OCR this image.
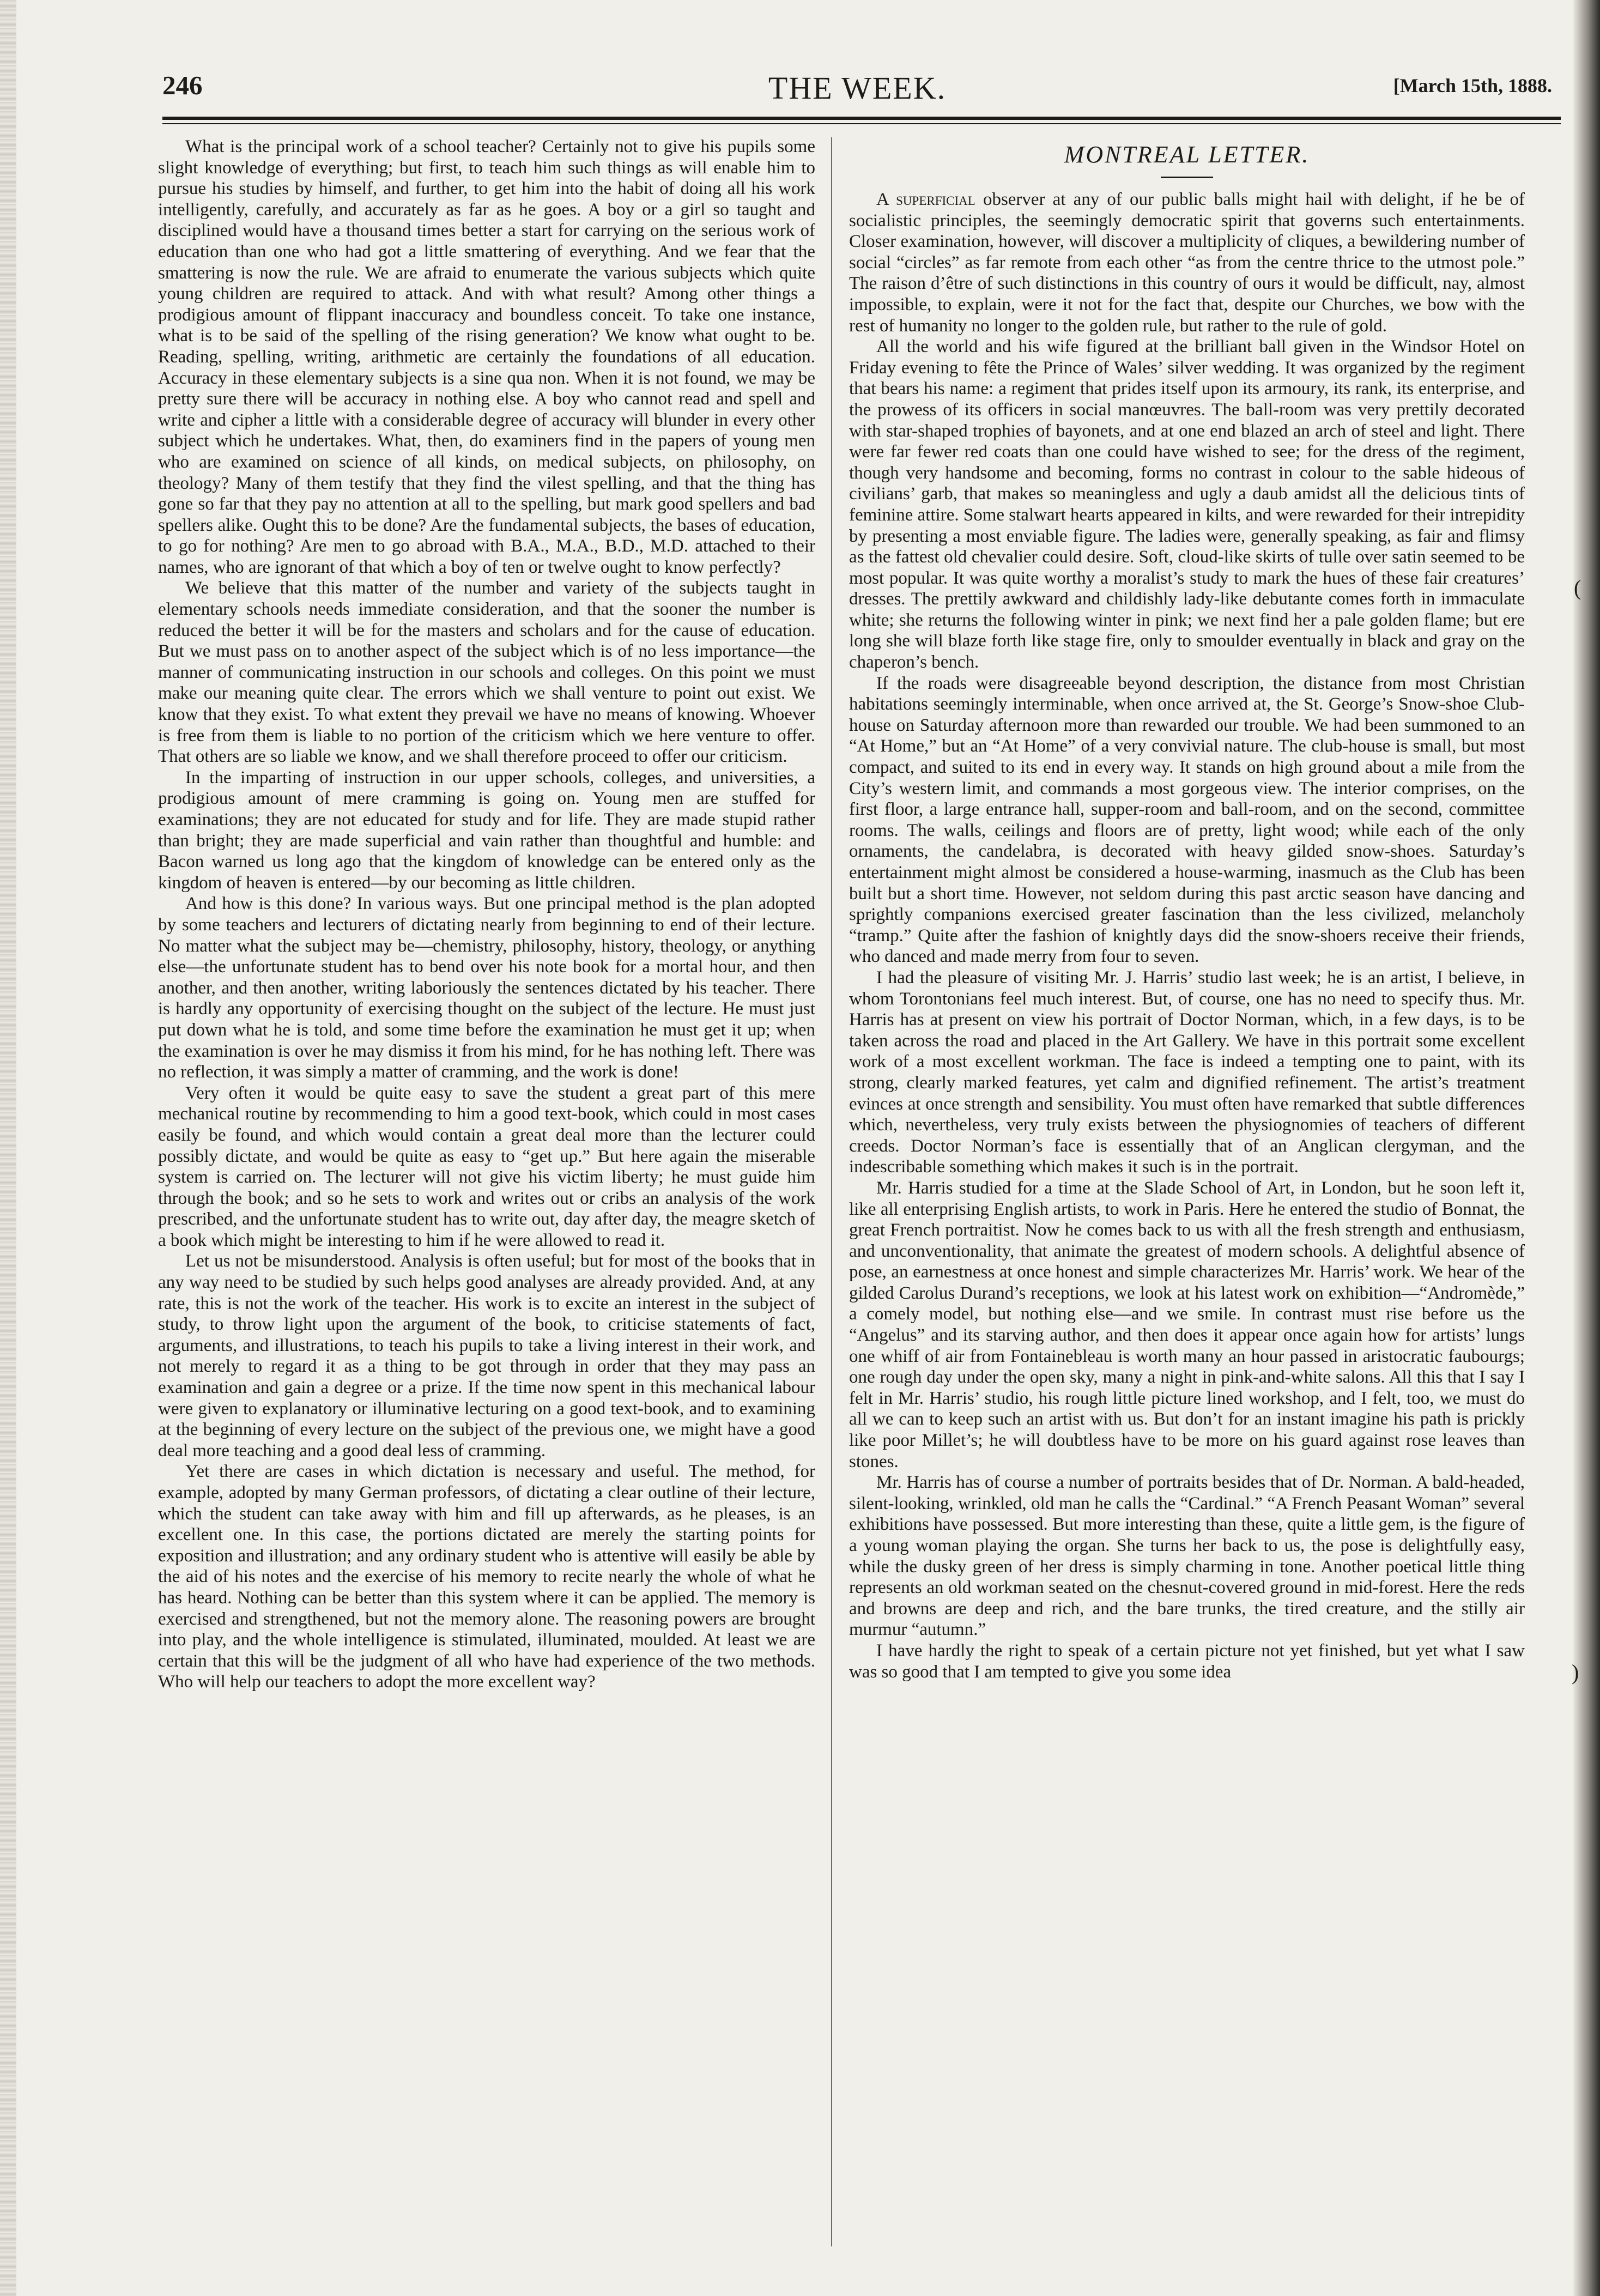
THE WEEK.
246	[March 15th, 1888.

What is the principal work of a school teacher? Certainly not to give his pupils some slight knowledge of everything; but first, to teach him such things as will enable him to pursue his studies by himself, and further, to get him into the habit of doing all his work intelligently, carefully, and accurately as far as he goes. A boy or a girl so taught and disciplined would have a thousand times better a start for carrying on the serious work of education than one who had got a little smattering of everything. And we fear that the smattering is now the rule. We are afraid to enumerate the various subjects which quite young children are required to attack. And with what result? Among other things a prodigious amount of flippant inaccuracy and boundless conceit. To take one instance, what is to be said of the spelling of the rising generation? We know what ought to be. Reading, spelling, writing, arithmetic are certainly the foundations of all education. Accuracy in these elementary subjects is a sine qua non. When it is not found, we may be pretty sure there will be accuracy in nothing else. A boy who cannot read and spell and write and cipher a little with a considerable degree of accuracy will blunder in every other subject which he undertakes. What, then, do examiners find in the papers of young men who are examined on science of all kinds, on medical subjects, on philosophy, on theology? Many of them testify that they find the vilest spelling, and that the thing has gone so far that they pay no attention at all to the spelling, but mark good spellers and bad spellers alike. Ought this to be done? Are the fundamental subjects, the bases of education, to go for nothing? Are men to go abroad with B.A., M.A., B.D., M.D. attached to their names, who are ignorant of that which a boy of ten or twelve ought to know perfectly?

We believe that this matter of the number and variety of the subjects taught in elementary schools needs immediate consideration, and that the sooner the number is reduced the better it will be for the masters and scholars and for the cause of education. But we must pass on to another aspect of the subject which is of no less importance—the manner of communicating instruction in our schools and colleges. On this point we must make our meaning quite clear. The errors which we shall venture to point out exist. We know that they exist. To what extent they prevail we have no means of knowing. Whoever is free from them is liable to no portion of the criticism which we here venture to offer. That others are so liable we know, and we shall therefore proceed to offer our criticism.

In the imparting of instruction in our upper schools, colleges, and universities, a prodigious amount of mere cramming is going on. Young men are stuffed for examinations; they are not educated for study and for life. They are made stupid rather than bright; they are made superficial and vain rather than thoughtful and humble: and Bacon warned us long ago that the kingdom of knowledge can be entered only as the kingdom of heaven is entered—by our becoming as little children.

And how is this done? In various ways. But one principal method is the plan adopted by some teachers and lecturers of dictating nearly from beginning to end of their lecture. No matter what the subject may be—chemistry, philosophy, history, theology, or anything else—the unfortunate student has to bend over his note book for a mortal hour, and then another, and then another, writing laboriously the sentences dictated by his teacher. There is hardly any opportunity of exercising thought on the subject of the lecture. He must just put down what he is told, and some time before the examination he must get it up; when the examination is over he may dismiss it from his mind, for he has nothing left. There was no reflection, it was simply a matter of cramming, and the work is done!

Very often it would be quite easy to save the student a great part of this mere mechanical routine by recommending to him a good text-book, which could in most cases easily be found, and which would contain a great deal more than the lecturer could possibly dictate, and would be quite as easy to “get up.” But here again the miserable system is carried on. The lecturer will not give his victim liberty; he must guide him through the book; and so he sets to work and writes out or cribs an analysis of the work prescribed, and the unfortunate student has to write out, day after day, the meagre sketch of a book which might be interesting to him if he were allowed to read it.

Let us not be misunderstood. Analysis is often useful; but for most of the books that in any way need to be studied by such helps good analyses are already provided. And, at any rate, this is not the work of the teacher. His work is to excite an interest in the subject of study, to throw light upon the argument of the book, to criticise statements of fact, arguments, and illustrations, to teach his pupils to take a living interest in their work, and not merely to regard it as a thing to be got through in order that they may pass an examination and gain a degree or a prize. If the time now spent in this mechanical labour were given to explanatory or illuminative lecturing on a good text-book, and to examining at the beginning of every lecture on the subject of the previous one, we might have a good deal more teaching and a good deal less of cramming.

Yet there are cases in which dictation is necessary and useful. The method, for example, adopted by many German professors, of dictating a clear outline of their lecture, which the student can take away with him and fill up afterwards, as he pleases, is an excellent one. In this case, the portions dictated are merely the starting points for exposition and illustration; and any ordinary student who is attentive will easily be able by the aid of his notes and the exercise of his memory to recite nearly the whole of what he has heard. Nothing can be better than this system where it can be applied. The memory is exercised and strengthened, but not the memory alone. The reasoning powers are brought into play, and the whole intelligence is stimulated, illuminated, moulded. At least we are certain that this will be the judgment of all who have had experience of the two methods. Who will help our teachers to adopt the more excellent way?

MONTREAL LETTER.

A superficial observer at any of our public balls might hail with delight, if he be of socialistic principles, the seemingly democratic spirit that governs such entertainments. Closer examination, however, will discover a multiplicity of cliques, a bewildering number of social “circles” as far remote from each other “as from the centre thrice to the utmost pole.” The raison d’être of such distinctions in this country of ours it would be difficult, nay, almost impossible, to explain, were it not for the fact that, despite our Churches, we bow with the rest of humanity no longer to the golden rule, but rather to the rule of gold.

All the world and his wife figured at the brilliant ball given in the Windsor Hotel on Friday evening to fête the Prince of Wales’ silver wedding. It was organized by the regiment that bears his name: a regiment that prides itself upon its armoury, its rank, its enterprise, and the prowess of its officers in social manœuvres. The ball-room was very prettily decorated with star-shaped trophies of bayonets, and at one end blazed an arch of steel and light. There were far fewer red coats than one could have wished to see; for the dress of the regiment, though very handsome and becoming, forms no contrast in colour to the sable hideous of civilians’ garb, that makes so meaningless and ugly a daub amidst all the delicious tints of feminine attire. Some stalwart hearts appeared in kilts, and were rewarded for their intrepidity by presenting a most enviable figure. The ladies were, generally speaking, as fair and flimsy as the fattest old chevalier could desire. Soft, cloud-like skirts of tulle over satin seemed to be most popular. It was quite worthy a moralist’s study to mark the hues of these fair creatures’ dresses. The prettily awkward and childishly lady-like debutante comes forth in immaculate white; she returns the following winter in pink; we next find her a pale golden flame; but ere long she will blaze forth like stage fire, only to smoulder eventually in black and gray on the chaperon’s bench.

If the roads were disagreeable beyond description, the distance from most Christian habitations seemingly interminable, when once arrived at, the St. George’s Snow-shoe Club-house on Saturday afternoon more than rewarded our trouble. We had been summoned to an “At Home,” but an “At Home” of a very convivial nature. The club-house is small, but most compact, and suited to its end in every way. It stands on high ground about a mile from the City’s western limit, and commands a most gorgeous view. The interior comprises, on the first floor, a large entrance hall, supper-room and ball-room, and on the second, committee rooms. The walls, ceilings and floors are of pretty, light wood; while each of the only ornaments, the candelabra, is decorated with heavy gilded snow-shoes. Saturday’s entertainment might almost be considered a house-warming, inasmuch as the Club has been built but a short time. However, not seldom during this past arctic season have dancing and sprightly companions exercised greater fascination than the less civilized, melancholy “tramp.” Quite after the fashion of knightly days did the snow-shoers receive their friends, who danced and made merry from four to seven.

I had the pleasure of visiting Mr. J. Harris’ studio last week; he is an artist, I believe, in whom Torontonians feel much interest. But, of course, one has no need to specify thus. Mr. Harris has at present on view his portrait of Doctor Norman, which, in a few days, is to be taken across the road and placed in the Art Gallery. We have in this portrait some excellent work of a most excellent workman. The face is indeed a tempting one to paint, with its strong, clearly marked features, yet calm and dignified refinement. The artist’s treatment evinces at once strength and sensibility. You must often have remarked that subtle differences which, nevertheless, very truly exists between the physiognomies of teachers of different creeds. Doctor Norman’s face is essentially that of an Anglican clergyman, and the indescribable something which makes it such is in the portrait.

Mr. Harris studied for a time at the Slade School of Art, in London, but he soon left it, like all enterprising English artists, to work in Paris. Here he entered the studio of Bonnat, the great French portraitist. Now he comes back to us with all the fresh strength and enthusiasm, and unconventionality, that animate the greatest of modern schools. A delightful absence of pose, an earnestness at once honest and simple characterizes Mr. Harris’ work. We hear of the gilded Carolus Durand’s receptions, we look at his latest work on exhibition—“Andromède,” a comely model, but nothing else—and we smile. In contrast must rise before us the “Angelus” and its starving author, and then does it appear once again how for artists’ lungs one whiff of air from Fontainebleau is worth many an hour passed in aristocratic faubourgs; one rough day under the open sky, many a night in pink-and-white salons. All this that I say I felt in Mr. Harris’ studio, his rough little picture lined workshop, and I felt, too, we must do all we can to keep such an artist with us. But don’t for an instant imagine his path is prickly like poor Millet’s; he will doubtless have to be more on his guard against rose leaves than stones.

Mr. Harris has of course a number of portraits besides that of Dr. Norman. A bald-headed, silent-looking, wrinkled, old man he calls the “Cardinal.” “A French Peasant Woman” several exhibitions have possessed. But more interesting than these, quite a little gem, is the figure of a young woman playing the organ. She turns her back to us, the pose is delightfully easy, while the dusky green of her dress is simply charming in tone. Another poetical little thing represents an old workman seated on the chesnut-covered ground in mid-forest. Here the reds and browns are deep and rich, and the bare trunks, the tired creature, and the stilly air murmur “autumn.”

I have hardly the right to speak of a certain picture not yet finished, but yet what I saw was so good that I am tempted to give you some idea

(
)
